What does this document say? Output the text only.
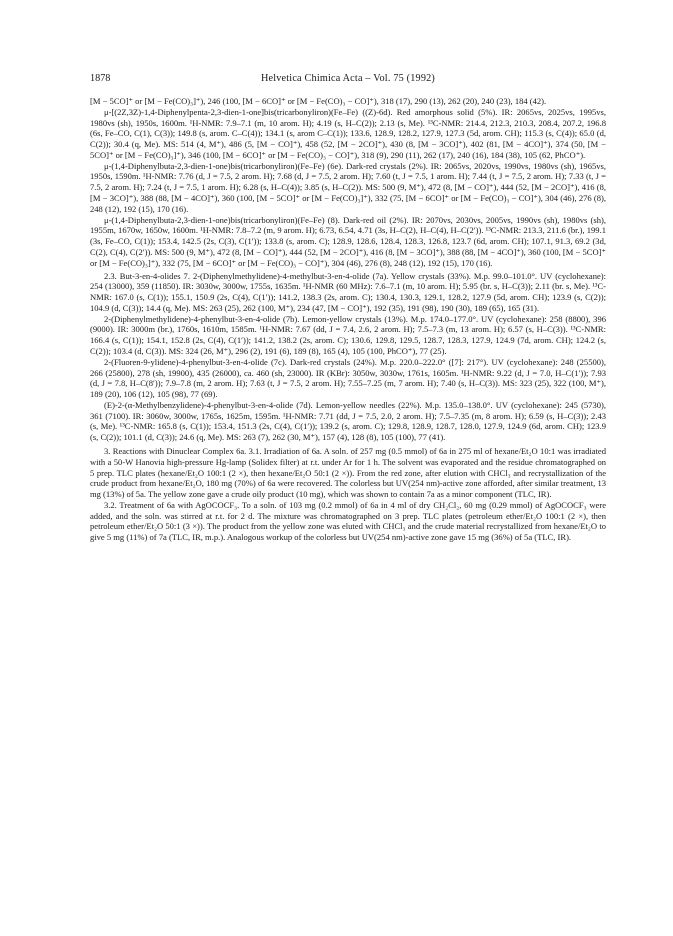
1878	Helvetica Chimica Acta – Vol. 75 (1992)

[M − 5CO]⁺ or [M − Fe(CO)₃]⁺), 246 (100, [M − 6CO]⁺ or [M − Fe(CO)₃ − CO]⁺), 318 (17), 290 (13), 262 (20), 240 (23), 184 (42).

μ-[(2Z,3Z)-1,4-Diphenylpenta-2,3-dien-1-one]bis(tricarbonyliron)(Fe–Fe) ((Z)-6d). Red amorphous solid (5%). IR: 2065vs, 2025vs, 1995vs, 1980vs (sh), 1950s, 1600m. ¹H-NMR: 7.9–7.1 (m, 10 arom. H); 4.19 (s, H–C(2)); 2.13 (s, Me). ¹³C-NMR: 214.4, 212.3, 210.3, 208.4, 207.2, 196.8 (6s, Fe–CO, C(1), C(3)); 149.8 (s, arom. C–C(4)); 134.1 (s, arom C–C(1)); 133.6, 128.9, 128.2, 127.9, 127.3 (5d, arom. CH); 115.3 (s, C(4)); 65.0 (d, C(2)); 30.4 (q, Me). MS: 514 (4, M⁺), 486 (5, [M − CO]⁺), 458 (52, [M − 2CO]⁺), 430 (8, [M − 3CO]⁺), 402 (81, [M − 4CO]⁺), 374 (50, [M − 5CO]⁺ or [M − Fe(CO)₃]⁺), 346 (100, [M − 6CO]⁺ or [M − Fe(CO)₃ − CO]⁺), 318 (9), 290 (11), 262 (17), 240 (16), 184 (38), 105 (62, PhCO⁺).

μ-(1,4-Diphenylbuta-2,3-dien-1-one)bis(tricarbonyliron)(Fe–Fe) (6e). Dark-red crystals (2%). IR: 2065vs, 2020vs, 1990vs, 1980vs (sh), 1965vs, 1950s, 1590m. ¹H-NMR: 7.76 (d, J = 7.5, 2 arom. H); 7.68 (d, J = 7.5, 2 arom. H); 7.60 (t, J = 7.5, 1 arom. H); 7.44 (t, J = 7.5, 2 arom. H); 7.33 (t, J = 7.5, 2 arom. H); 7.24 (t, J = 7.5, 1 arom. H); 6.28 (s, H–C(4)); 3.85 (s, H–C(2)). MS: 500 (9, M⁺), 472 (8, [M − CO]⁺), 444 (52, [M − 2CO]⁺), 416 (8, [M − 3CO]⁺), 388 (88, [M − 4CO]⁺), 360 (100, [M − 5CO]⁺ or [M − Fe(CO)₃]⁺), 332 (75, [M − 6CO]⁺ or [M − Fe(CO)₃ − CO]⁺), 304 (46), 276 (8), 248 (12), 192 (15), 170 (16).

μ-(1,4-Diphenylbuta-2,3-dien-1-one)bis(tricarbonyliron)(Fe–Fe) (8). Dark-red oil (2%). IR: 2070vs, 2030vs, 2005vs, 1990vs (sh), 1980vs (sh), 1955m, 1670w, 1650w, 1600m. ¹H-NMR: 7.8–7.2 (m, 9 arom. H); 6.73, 6.54, 4.71 (3s, H–C(2), H–C(4), H–C(2′)). ¹³C-NMR: 213.3, 211.6 (br.), 199.1 (3s, Fe–CO, C(1)); 153.4, 142.5 (2s, C(3), C(1′)); 133.8 (s, arom. C); 128.9, 128.6, 128.4, 128.3, 126.8, 123.7 (6d, arom. CH); 107.1, 91.3, 69.2 (3d, C(2), C(4), C(2′)). MS: 500 (9, M⁺), 472 (8, [M − CO]⁺), 444 (52, [M − 2CO]⁺), 416 (8, [M − 3CO]⁺), 388 (88, [M − 4CO]⁺), 360 (100, [M − 5CO]⁺ or [M − Fe(CO)₃]⁺), 332 (75, [M − 6CO]⁺ or [M − Fe(CO)₃ − CO]⁺), 304 (46), 276 (8), 248 (12), 192 (15), 170 (16).

2.3. But-3-en-4-olides 7. 2-(Diphenylmethylidene)-4-methylbut-3-en-4-olide (7a). Yellow crystals (33%). M.p. 99.0–101.0°. UV (cyclohexane): 254 (13000), 359 (11850). IR: 3030w, 3000w, 1755s, 1635m. ¹H-NMR (60 MHz): 7.6–7.1 (m, 10 arom. H); 5.95 (br. s, H–C(3)); 2.11 (br. s, Me). ¹³C-NMR: 167.0 (s, C(1)); 155.1, 150.9 (2s, C(4), C(1′)); 141.2, 138.3 (2s, arom. C); 130.4, 130.3, 129.1, 128.2, 127.9 (5d, arom. CH); 123.9 (s, C(2)); 104.9 (d, C(3)); 14.4 (q, Me). MS: 263 (25), 262 (100, M⁺), 234 (47, [M − CO]⁺), 192 (35), 191 (98), 190 (30), 189 (65), 165 (31).

2-(Diphenylmethylidene)-4-phenylbut-3-en-4-olide (7b). Lemon-yellow crystals (13%). M.p. 174.0–177.0°. UV (cyclohexane): 258 (8800), 396 (9000). IR: 3000m (br.), 1760s, 1610m, 1585m. ¹H-NMR: 7.67 (dd, J = 7.4, 2.6, 2 arom. H); 7.5–7.3 (m, 13 arom. H); 6.57 (s, H–C(3)). ¹³C-NMR: 166.4 (s, C(1)); 154.1, 152.8 (2s, C(4), C(1′)); 141.2, 138.2 (2s, arom. C); 130.6, 129.8, 129.5, 128.7, 128.3, 127.9, 124.9 (7d, arom. CH); 124.2 (s, C(2)); 103.4 (d, C(3)). MS: 324 (26, M⁺), 296 (2), 191 (6), 189 (8), 165 (4), 105 (100, PhCO⁺), 77 (25).

2-(Fluoren-9-ylidene)-4-phenylbut-3-en-4-olide (7c). Dark-red crystals (24%). M.p. 220.0–222.0° ([7]: 217°). UV (cyclohexane): 248 (25500), 266 (25800), 278 (sh, 19900), 435 (26000), ca. 460 (sh, 23000). IR (KBr): 3050w, 3030w, 1761s, 1605m. ¹H-NMR: 9.22 (d, J = 7.0, H–C(1′)); 7.93 (d, J = 7.8, H–C(8′)); 7.9–7.8 (m, 2 arom. H); 7.63 (t, J = 7.5, 2 arom. H); 7.55–7.25 (m, 7 arom. H); 7.40 (s, H–C(3)). MS: 323 (25), 322 (100, M⁺), 189 (20), 106 (12), 105 (98), 77 (69).

(E)-2-(α-Methylbenzylidene)-4-phenylbut-3-en-4-olide (7d). Lemon-yellow needles (22%). M.p. 135.0–138.0°. UV (cyclohexane): 245 (5730), 361 (7100). IR: 3060w, 3000w, 1765s, 1625m, 1595m. ¹H-NMR: 7.71 (dd, J = 7.5, 2.0, 2 arom. H); 7.5–7.35 (m, 8 arom. H); 6.59 (s, H–C(3)); 2.43 (s, Me). ¹³C-NMR: 165.8 (s, C(1)); 153.4, 151.3 (2s, C(4), C(1′)); 139.2 (s, arom. C); 129.8, 128.9, 128.7, 128.0, 127.9, 124.9 (6d, arom. CH); 123.9 (s, C(2)); 101.1 (d, C(3)); 24.6 (q, Me). MS: 263 (7), 262 (30, M⁺), 157 (4), 128 (8), 105 (100), 77 (41).

3. Reactions with Dinuclear Complex 6a. 3.1. Irradiation of 6a. A soln. of 257 mg (0.5 mmol) of 6a in 275 ml of hexane/Et₂O 10:1 was irradiated with a 50-W Hanovia high-pressure Hg-lamp (Solidex filter) at r.t. under Ar for 1 h. The solvent was evaporated and the residue chromatographed on 5 prep. TLC plates (hexane/Et₂O 100:1 (2 ×), then hexane/Et₂O 50:1 (2 ×)). From the red zone, after elution with CHCl₃ and recrystallization of the crude product from hexane/Et₂O, 180 mg (70%) of 6a were recovered. The colorless but UV(254 nm)-active zone afforded, after similar treatment, 13 mg (13%) of 5a. The yellow zone gave a crude oily product (10 mg), which was shown to contain 7a as a minor component (TLC, IR).

3.2. Treatment of 6a with AgOCOCF₃. To a soln. of 103 mg (0.2 mmol) of 6a in 4 ml of dry CH₂Cl₂, 60 mg (0.29 mmol) of AgOCOCF₃ were added, and the soln. was stirred at r.t. for 2 d. The mixture was chromatographed on 3 prep. TLC plates (petroleum ether/Et₂O 100:1 (2 ×), then petroleum ether/Et₂O 50:1 (3 ×)). The product from the yellow zone was eluted with CHCl₃ and the crude material recrystallized from hexane/Et₂O to give 5 mg (11%) of 7a (TLC, IR, m.p.). Analogous workup of the colorless but UV(254 nm)-active zone gave 15 mg (36%) of 5a (TLC, IR).
